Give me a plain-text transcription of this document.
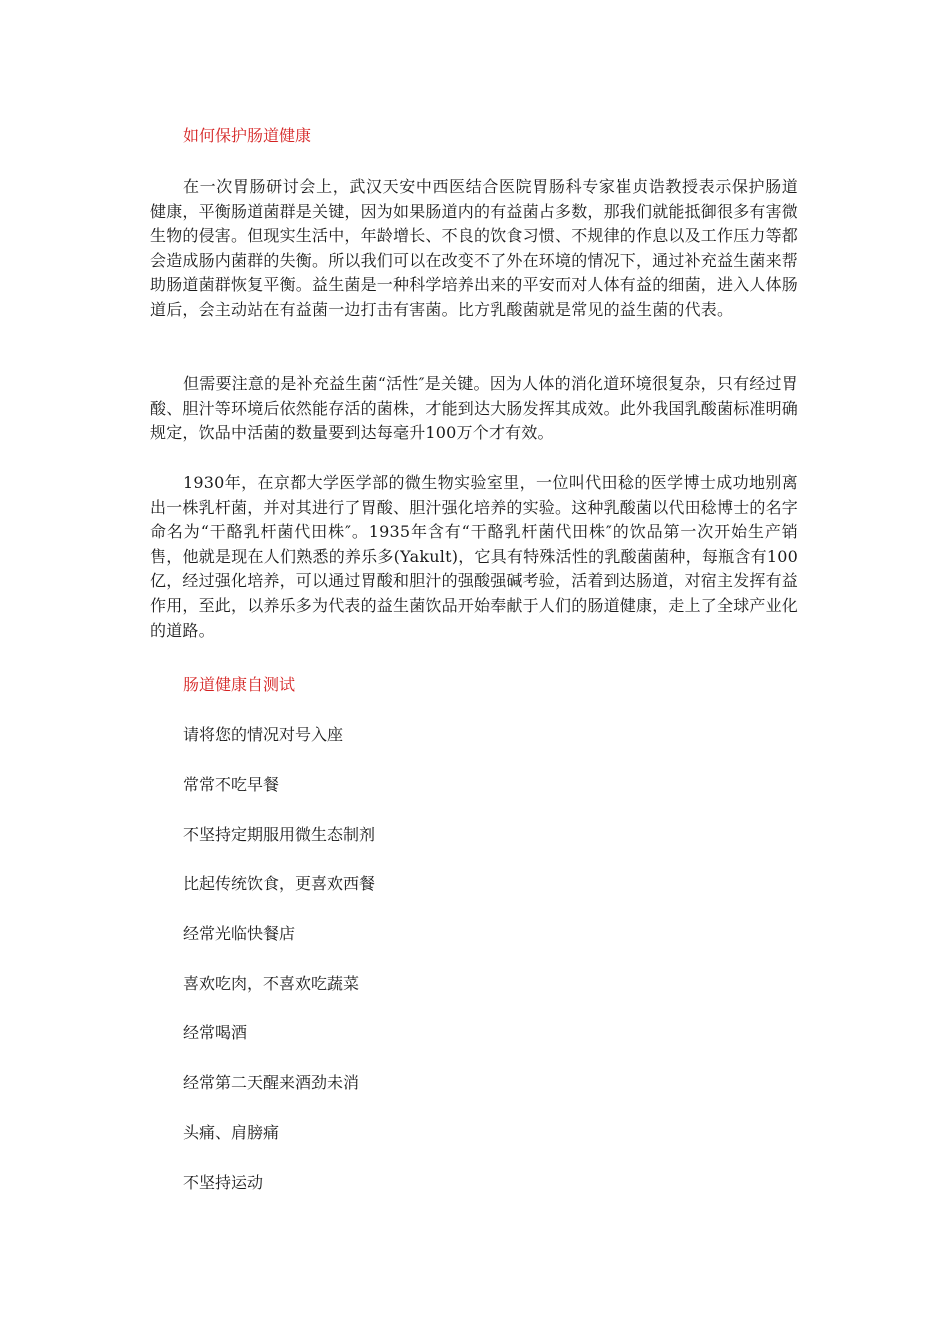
如何保护肠道健康

在一次胃肠研讨会上，武汉天安中西医结合医院胃肠科专家崔贞诰教授表示保护肠道健康，平衡肠道菌群是关键，因为如果肠道内的有益菌占多数，那我们就能抵御很多有害微生物的侵害。但现实生活中，年龄增长、不良的饮食习惯、不规律的作息以及工作压力等都会造成肠内菌群的失衡。所以我们可以在改变不了外在环境的情况下，通过补充益生菌来帮助肠道菌群恢复平衡。益生菌是一种科学培养出来的平安而对人体有益的细菌，进入人体肠道后，会主动站在有益菌一边打击有害菌。比方乳酸菌就是常见的益生菌的代表。

但需要注意的是补充益生菌“活性″是关键。因为人体的消化道环境很复杂，只有经过胃酸、胆汁等环境后依然能存活的菌株，才能到达大肠发挥其成效。此外我国乳酸菌标准明确规定，饮品中活菌的数量要到达每毫升100万个才有效。

1930年，在京都大学医学部的微生物实验室里，一位叫代田稔的医学博士成功地别离出一株乳杆菌，并对其进行了胃酸、胆汁强化培养的实验。这种乳酸菌以代田稔博士的名字命名为“干酪乳杆菌代田株″。1935年含有“干酪乳杆菌代田株″的饮品第一次开始生产销售，他就是现在人们熟悉的养乐多(Yakult)，它具有特殊活性的乳酸菌菌种，每瓶含有100亿，经过强化培养，可以通过胃酸和胆汁的强酸强碱考验，活着到达肠道，对宿主发挥有益作用，至此，以养乐多为代表的益生菌饮品开始奉献于人们的肠道健康，走上了全球产业化的道路。

肠道健康自测试
请将您的情况对号入座
常常不吃早餐
不坚持定期服用微生态制剂
比起传统饮食，更喜欢西餐
经常光临快餐店
喜欢吃肉，不喜欢吃蔬菜
经常喝酒
经常第二天醒来酒劲未消
头痛、肩膀痛
不坚持运动
